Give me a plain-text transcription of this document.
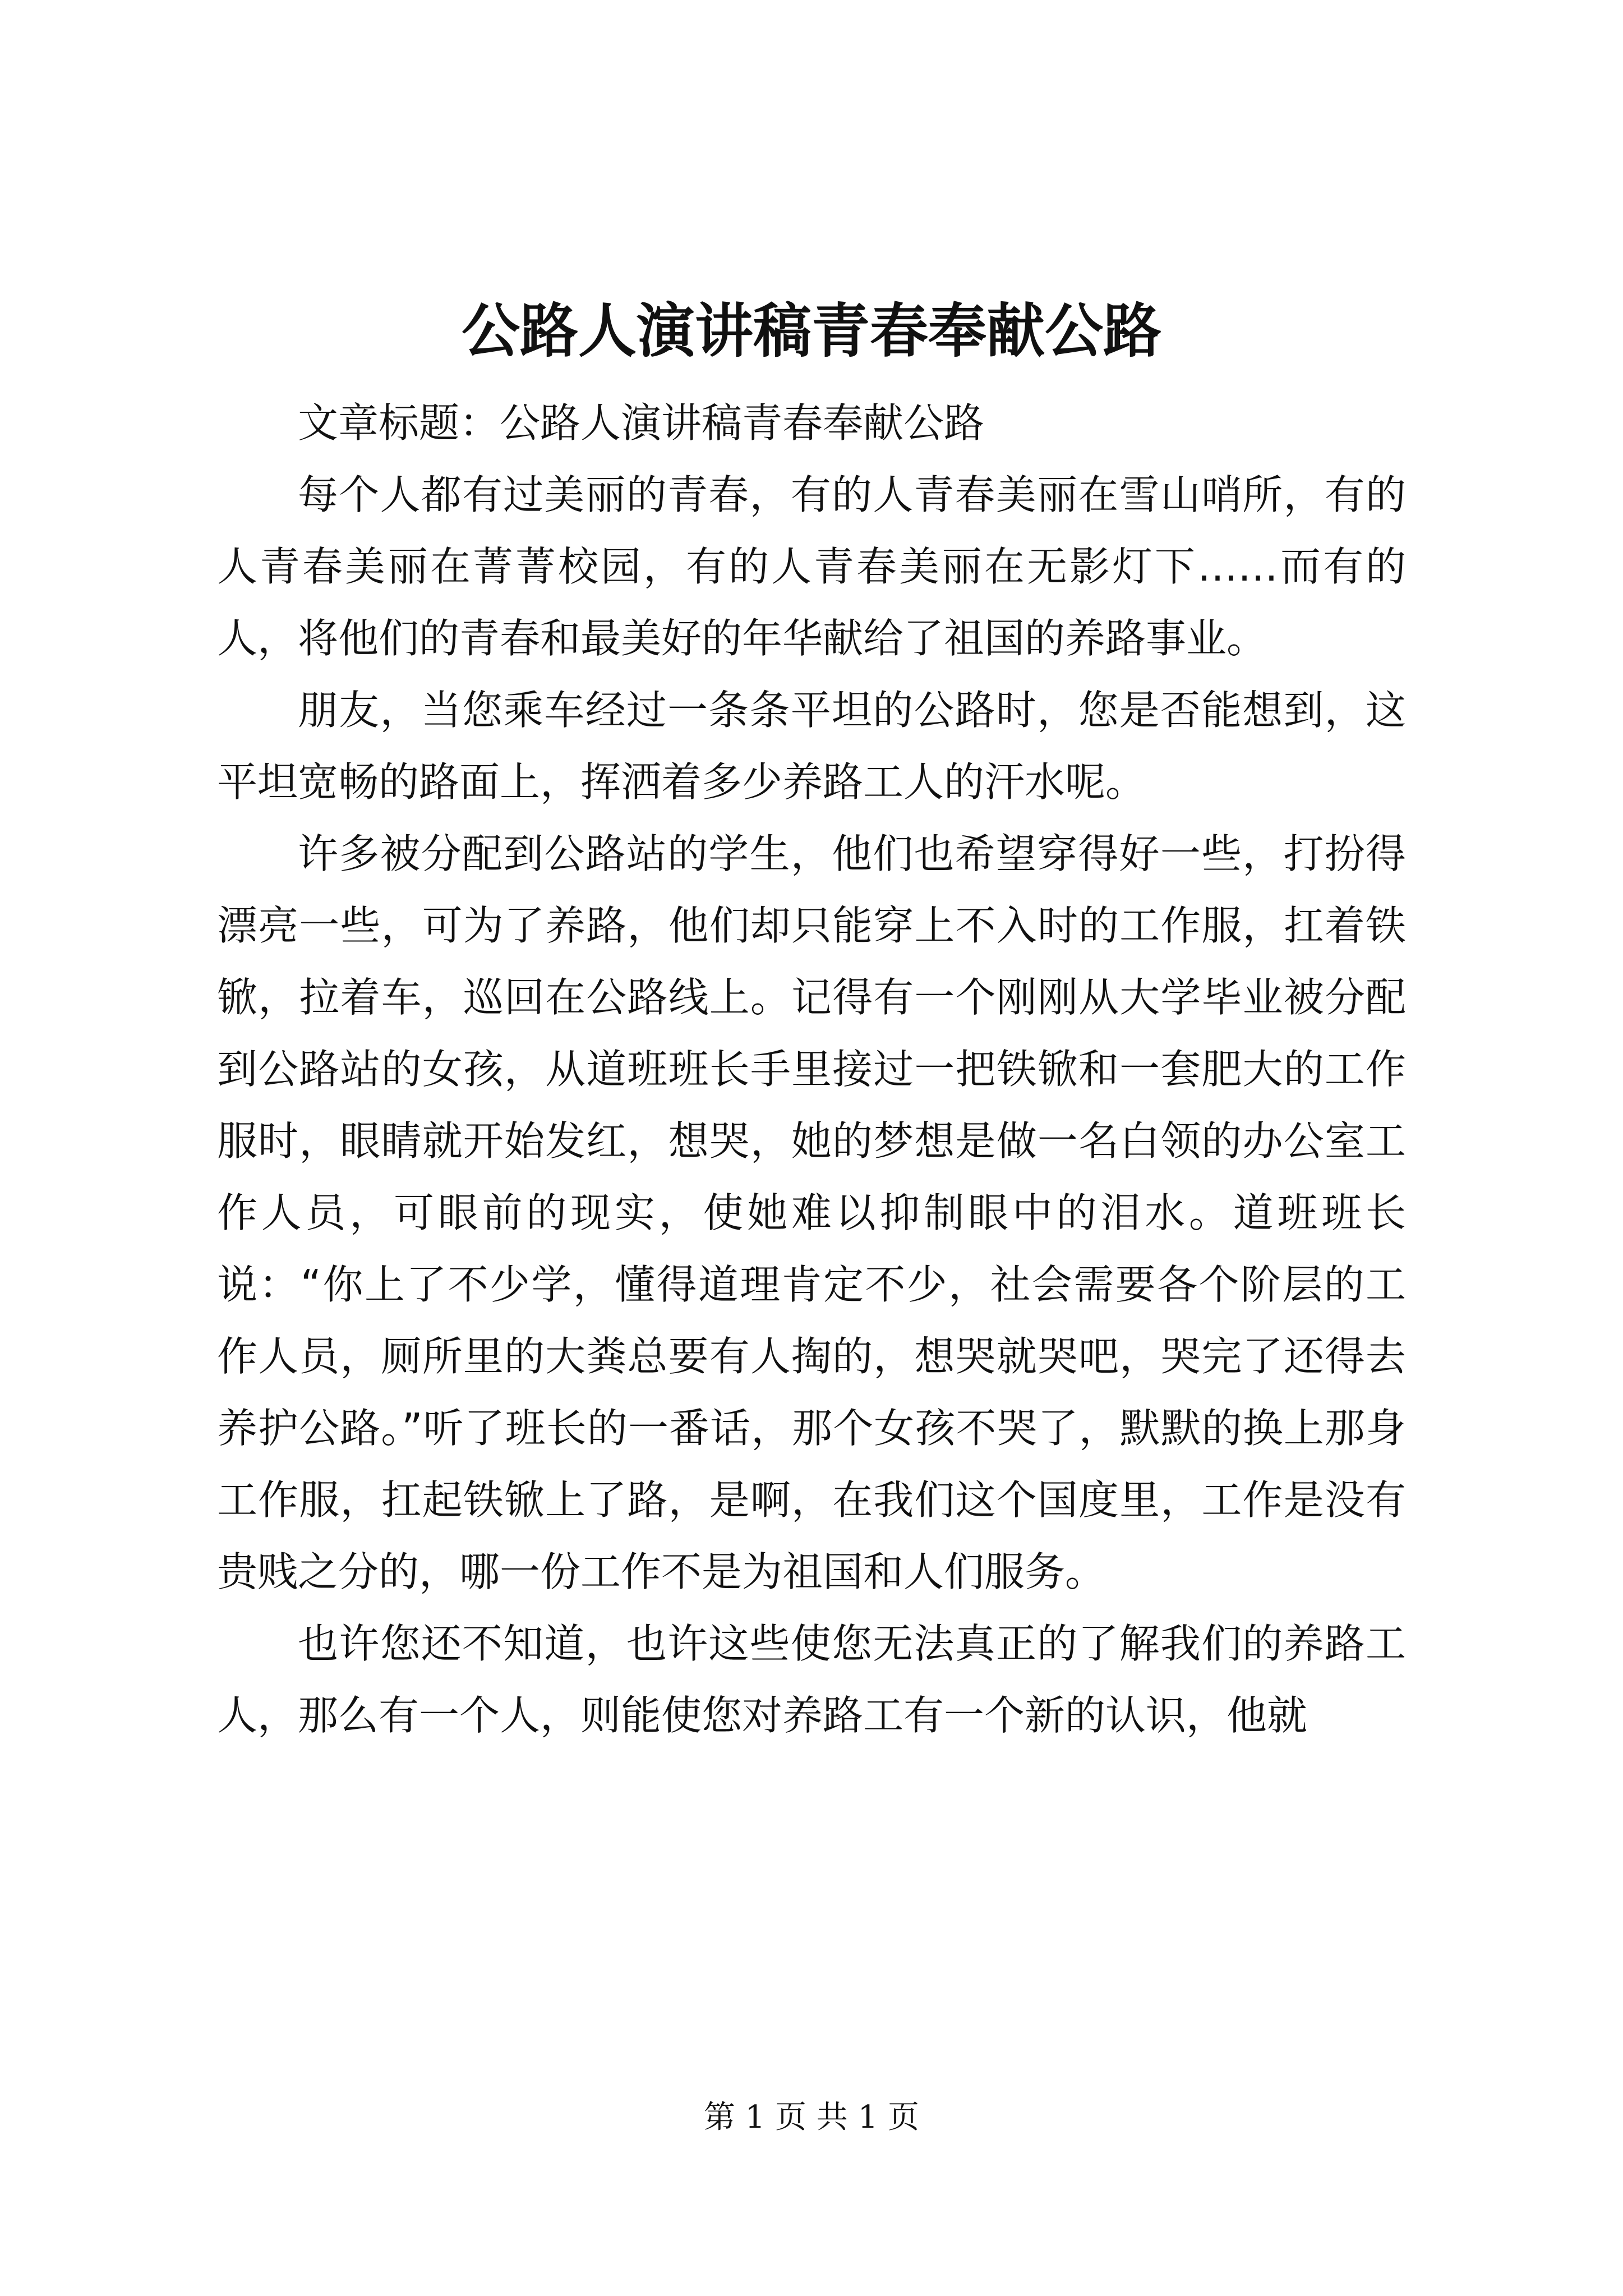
公路人演讲稿青春奉献公路

文章标题：公路人演讲稿青春奉献公路

每个人都有过美丽的青春，有的人青春美丽在雪山哨所，有的人青春美丽在菁菁校园，有的人青春美丽在无影灯下……而有的人，将他们的青春和最美好的年华献给了祖国的养路事业。

朋友，当您乘车经过一条条平坦的公路时，您是否能想到，这平坦宽畅的路面上，挥洒着多少养路工人的汗水呢。

许多被分配到公路站的学生，他们也希望穿得好一些，打扮得漂亮一些，可为了养路，他们却只能穿上不入时的工作服，扛着铁锨，拉着车，巡回在公路线上。记得有一个刚刚从大学毕业被分配到公路站的女孩，从道班班长手里接过一把铁锨和一套肥大的工作服时，眼睛就开始发红，想哭，她的梦想是做一名白领的办公室工作人员，可眼前的现实，使她难以抑制眼中的泪水。道班班长说：“你上了不少学，懂得道理肯定不少，社会需要各个阶层的工作人员，厕所里的大粪总要有人掏的，想哭就哭吧，哭完了还得去养护公路。”听了班长的一番话，那个女孩不哭了，默默的换上那身工作服，扛起铁锨上了路，是啊，在我们这个国度里，工作是没有贵贱之分的，哪一份工作不是为祖国和人们服务。

也许您还不知道，也许这些使您无法真正的了解我们的养路工人，那么有一个人，则能使您对养路工有一个新的认识，他就

第 1 页 共 1 页
